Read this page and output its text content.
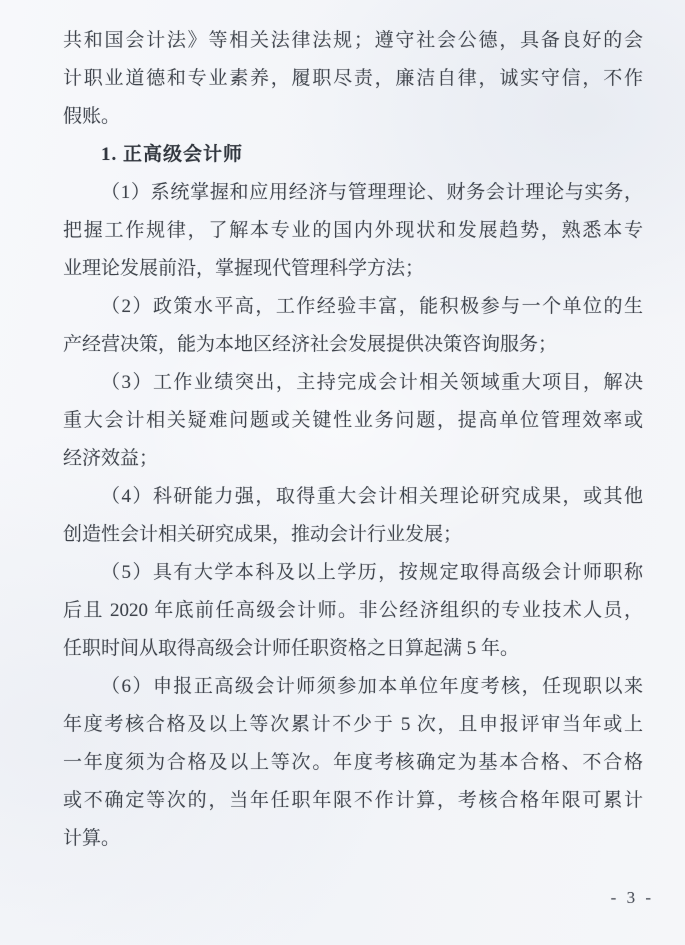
共和国会计法》等相关法律法规；遵守社会公德，具备良好的会
计职业道德和专业素养，履职尽责，廉洁自律，诚实守信，不作
假账。
1. 正高级会计师
（1）系统掌握和应用经济与管理理论、财务会计理论与实务，
把握工作规律，了解本专业的国内外现状和发展趋势，熟悉本专
业理论发展前沿，掌握现代管理科学方法；
（2）政策水平高，工作经验丰富，能积极参与一个单位的生
产经营决策，能为本地区经济社会发展提供决策咨询服务；
（3）工作业绩突出，主持完成会计相关领域重大项目，解决
重大会计相关疑难问题或关键性业务问题，提高单位管理效率或
经济效益；
（4）科研能力强，取得重大会计相关理论研究成果，或其他
创造性会计相关研究成果，推动会计行业发展；
（5）具有大学本科及以上学历，按规定取得高级会计师职称
后且 2020 年底前任高级会计师。非公经济组织的专业技术人员，
任职时间从取得高级会计师任职资格之日算起满 5 年。
（6）申报正高级会计师须参加本单位年度考核，任现职以来
年度考核合格及以上等次累计不少于 5 次，且申报评审当年或上
一年度须为合格及以上等次。年度考核确定为基本合格、不合格
或不确定等次的，当年任职年限不作计算，考核合格年限可累计
计算。
- 3 -
